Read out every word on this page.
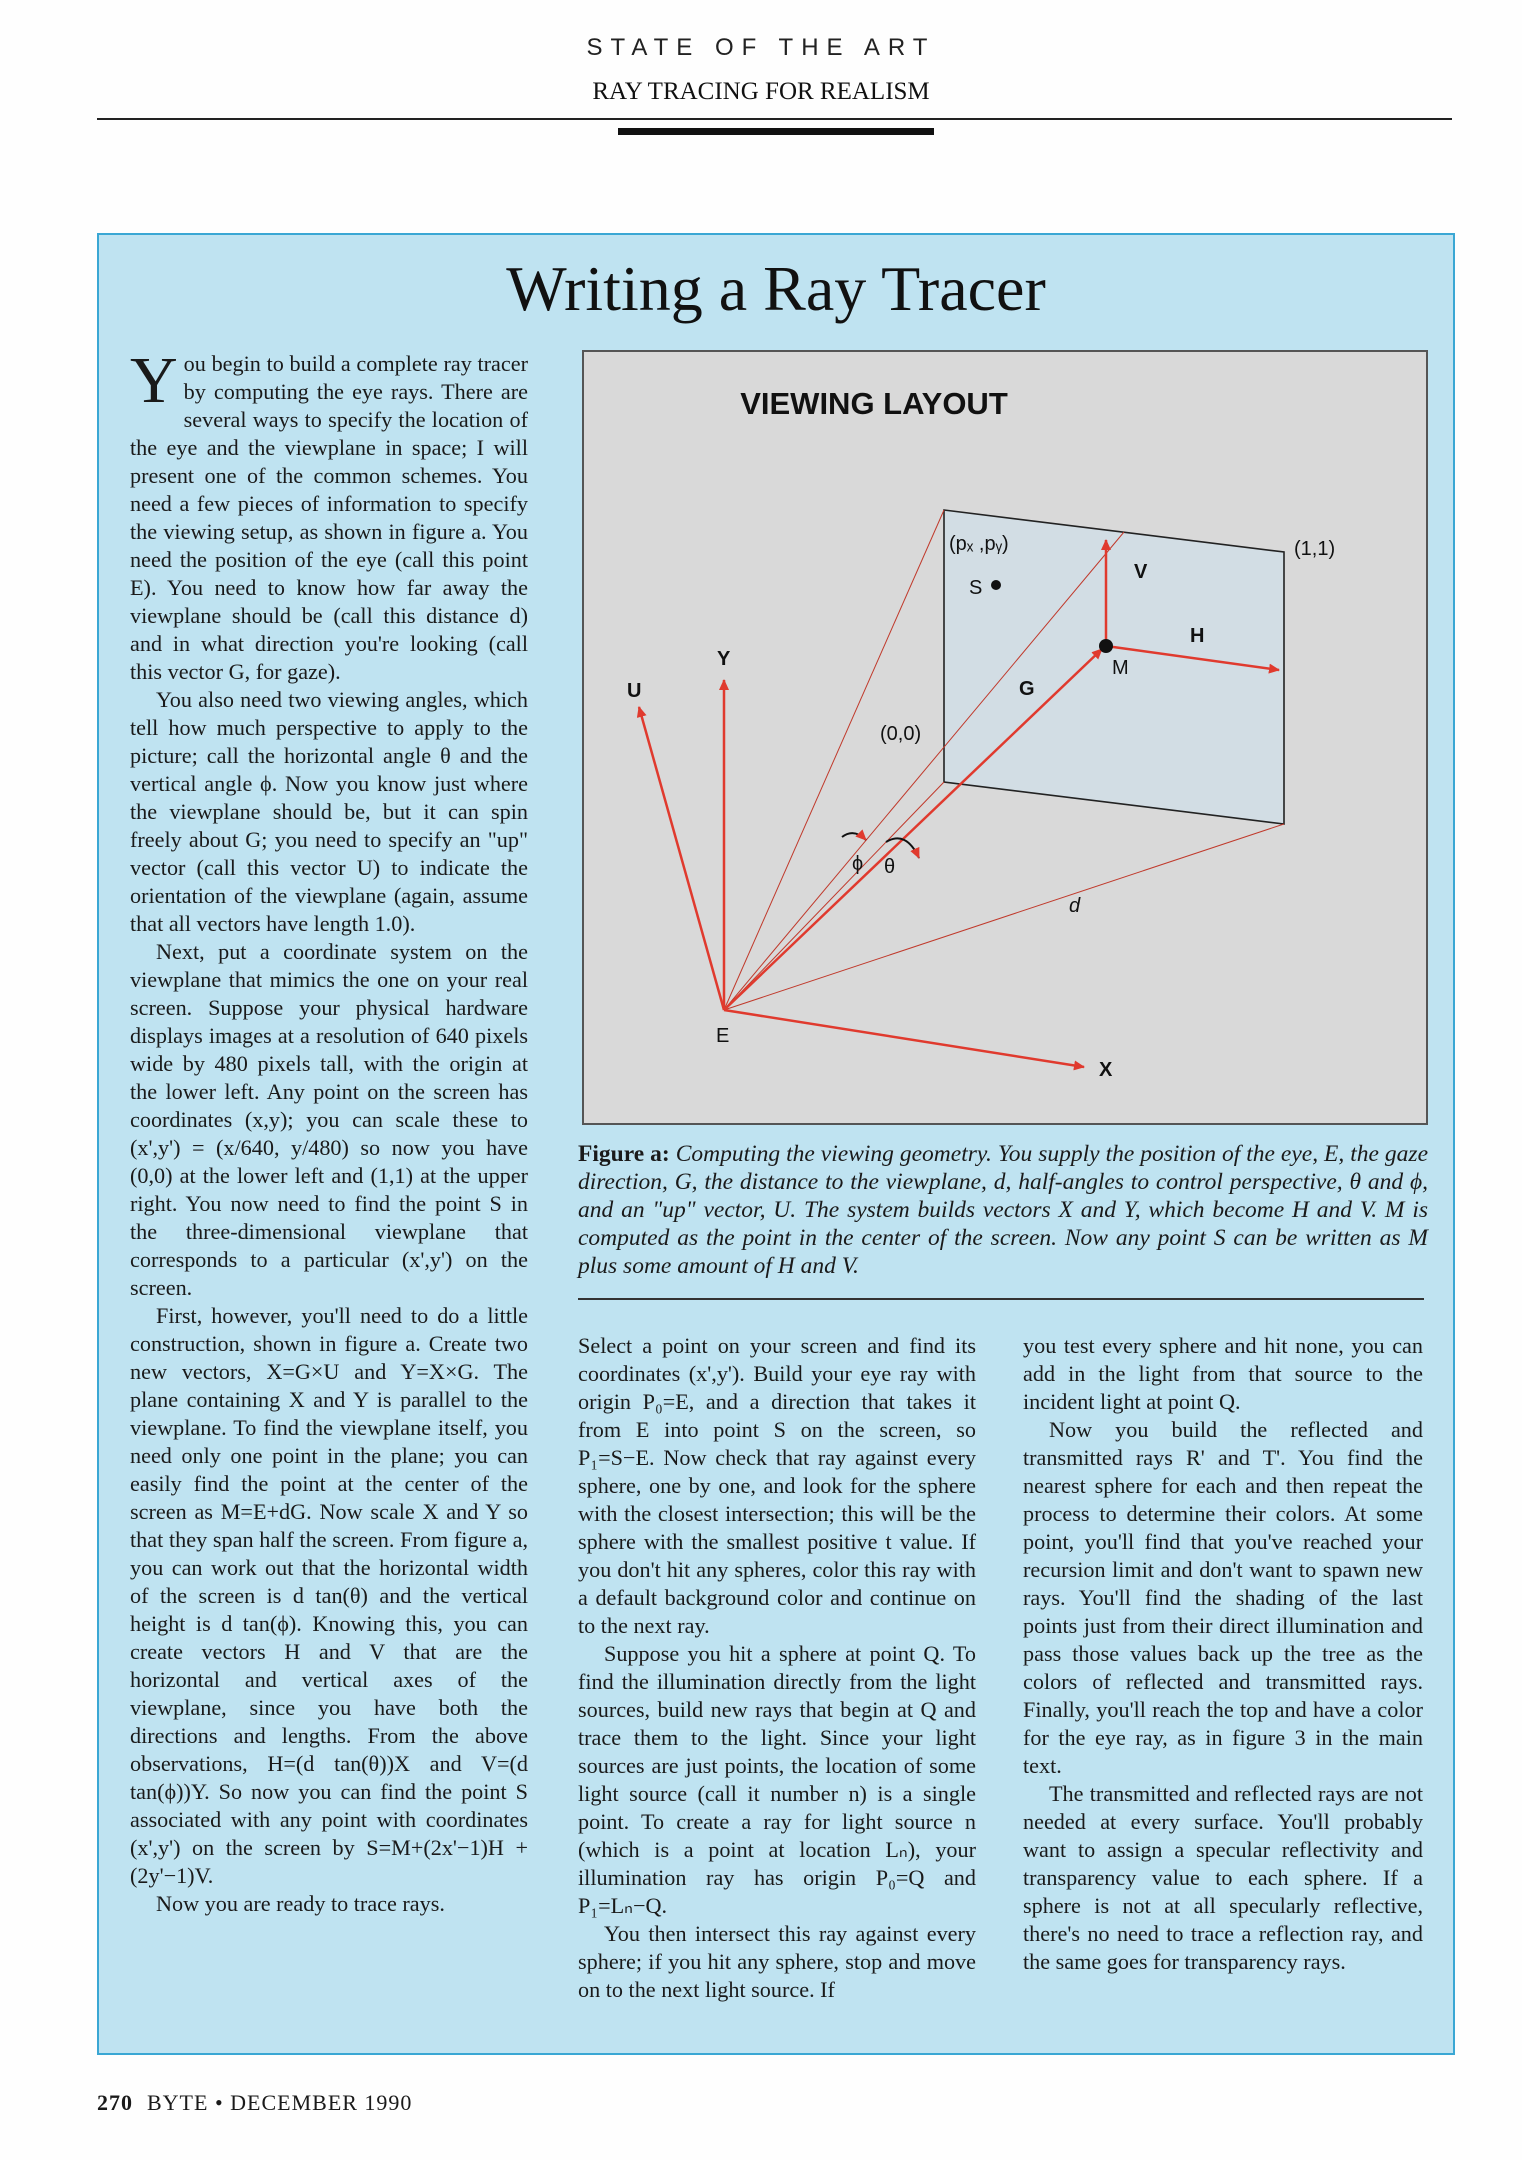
STATE OF THE ART
RAY TRACING FOR REALISM
Writing a Ray Tracer

You begin to build a complete ray tracer by computing the eye rays. There are several ways to specify the location of the eye and the viewplane in space; I will present one of the common schemes. You need a few pieces of information to specify the viewing setup, as shown in figure a. You need the position of the eye (call this point E). You need to know how far away the viewplane should be (call this distance d) and in what direction you're looking (call this vector G, for gaze).

You also need two viewing angles, which tell how much perspective to apply to the picture; call the horizontal angle θ and the vertical angle ϕ. Now you know just where the viewplane should be, but it can spin freely about G; you need to specify an "up" vector (call this vector U) to indicate the orientation of the viewplane (again, assume that all vectors have length 1.0).

Next, put a coordinate system on the viewplane that mimics the one on your real screen. Suppose your physical hardware displays images at a resolution of 640 pixels wide by 480 pixels tall, with the origin at the lower left. Any point on the screen has coordinates (x,y); you can scale these to (x',y') = (x/640, y/480) so now you have (0,0) at the lower left and (1,1) at the upper right. You now need to find the point S in the three-dimensional viewplane that corresponds to a particular (x',y') on the screen.

First, however, you'll need to do a little construction, shown in figure a. Create two new vectors, X=G×U and Y=X×G. The plane containing X and Y is parallel to the viewplane. To find the viewplane itself, you need only one point in the plane; you can easily find the point at the center of the screen as M=E+dG. Now scale X and Y so that they span half the screen. From figure a, you can work out that the horizontal width of the screen is d tan(θ) and the vertical height is d tan(ϕ). Knowing this, you can create vectors H and V that are the horizontal and vertical axes of the viewplane, since you have both the directions and lengths. From the above observations, H=(d tan(θ))X and V=(d tan(ϕ))Y. So now you can find the point S associated with any point with coordinates (x',y') on the screen by S=M+(2x'−1)H + (2y'−1)V.

Now you are ready to trace rays.

VIEWING LAYOUT
(pₓ ,pᵧ)	(1,1)
(0,0)
S
V
H
M
G
U
Y
X
E
d
ϕ θ
Figure a: Computing the viewing geometry. You supply the position of the eye, E, the gaze direction, G, the distance to the viewplane, d, half-angles to control perspective, θ and ϕ, and an "up" vector, U. The system builds vectors X and Y, which become H and V. M is computed as the point in the center of the screen. Now any point S can be written as M plus some amount of H and V.

Select a point on your screen and find its coordinates (x',y'). Build your eye ray with origin P₀=E, and a direction that takes it from E into point S on the screen, so P₁=S−E. Now check that ray against every sphere, one by one, and look for the sphere with the closest intersection; this will be the sphere with the smallest positive t value. If you don't hit any spheres, color this ray with a default background color and continue on to the next ray.

Suppose you hit a sphere at point Q. To find the illumination directly from the light sources, build new rays that begin at Q and trace them to the light. Since your light sources are just points, the location of some light source (call it number n) is a single point. To create a ray for light source n (which is a point at location Lₙ), your illumination ray has origin P₀=Q and P₁=Lₙ−Q.

You then intersect this ray against every sphere; if you hit any sphere, stop and move on to the next light source. If

you test every sphere and hit none, you can add in the light from that source to the incident light at point Q.

Now you build the reflected and transmitted rays R' and T'. You find the nearest sphere for each and then repeat the process to determine their colors. At some point, you'll find that you've reached your recursion limit and don't want to spawn new rays. You'll find the shading of the last points just from their direct illumination and pass those values back up the tree as the colors of reflected and transmitted rays. Finally, you'll reach the top and have a color for the eye ray, as in figure 3 in the main text.

The transmitted and reflected rays are not needed at every surface. You'll probably want to assign a specular reflectivity and transparency value to each sphere. If a sphere is not at all specularly reflective, there's no need to trace a reflection ray, and the same goes for transparency rays.

270 BYTE • DECEMBER 1990
